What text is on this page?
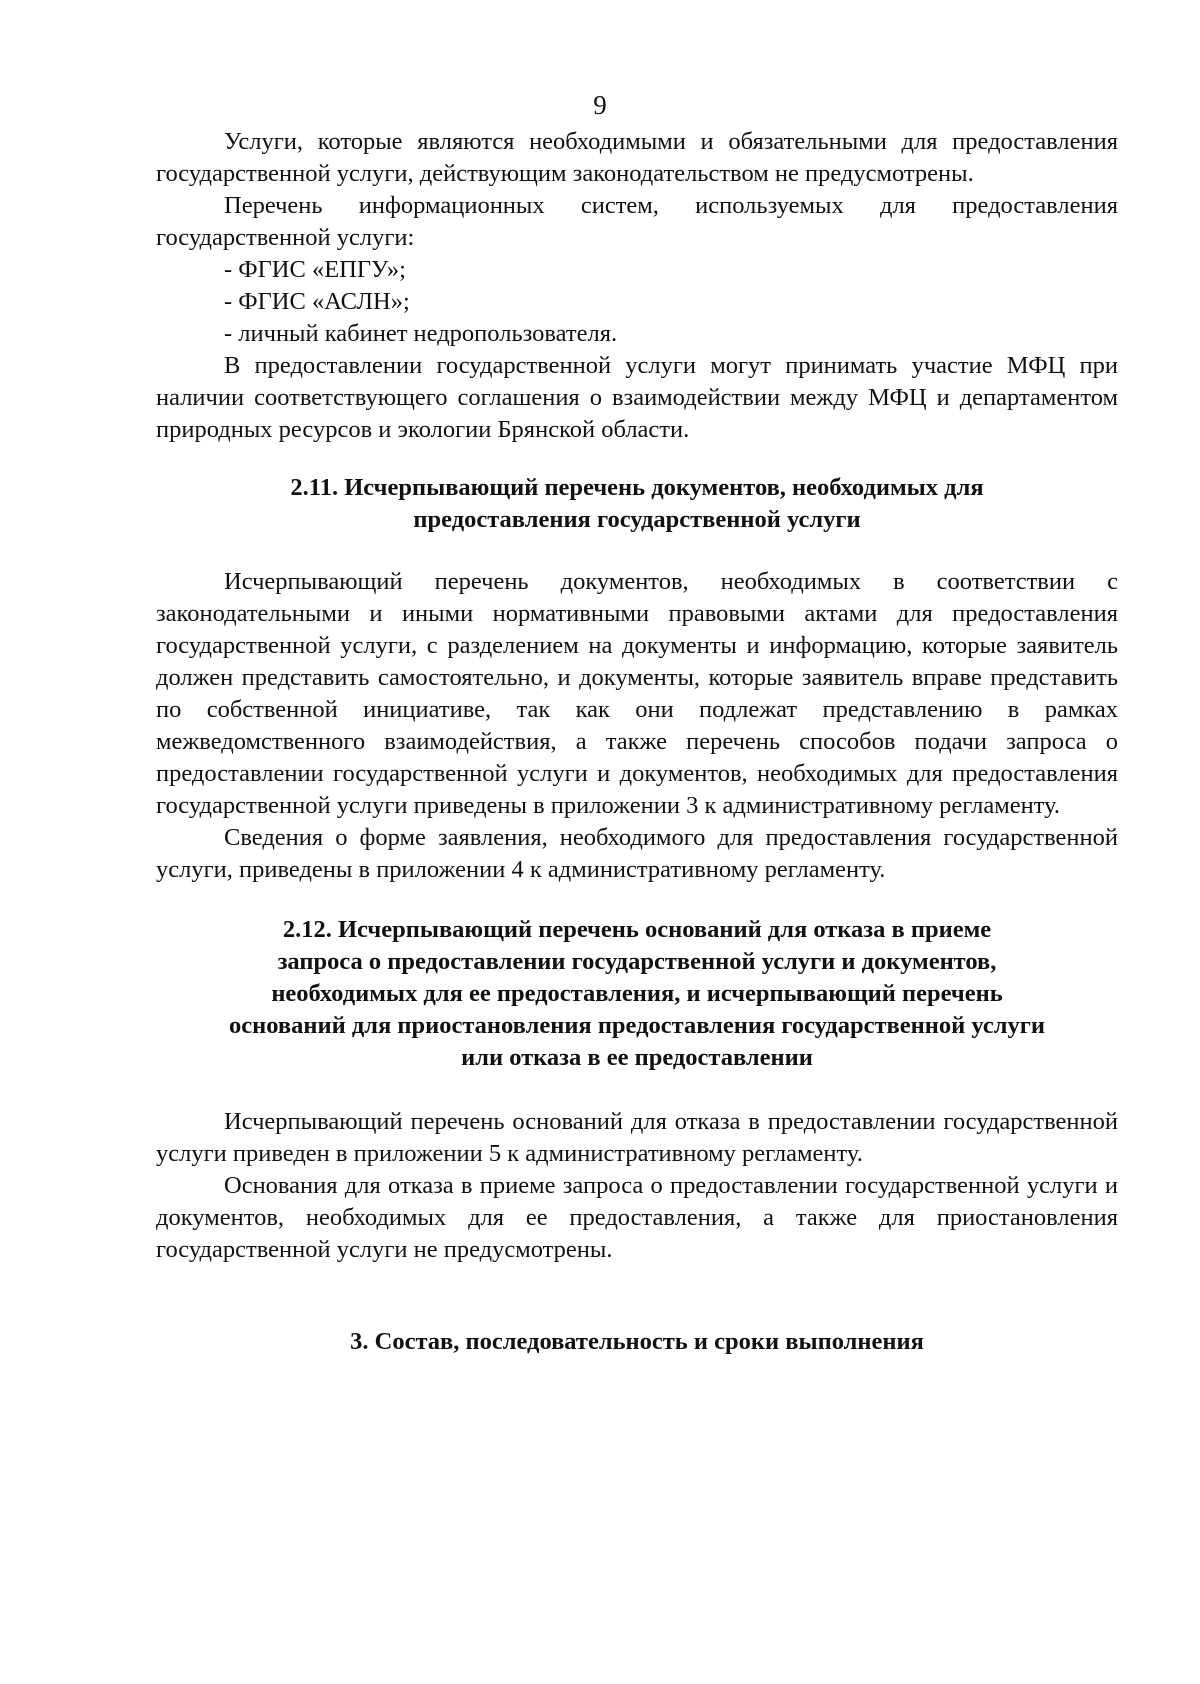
9

Услуги, которые являются необходимыми и обязательными для предоставления государственной услуги, действующим законодательством не предусмотрены.

Перечень информационных систем, используемых для предоставления государственной услуги:

- ФГИС «ЕПГУ»;

- ФГИС «АСЛН»;

- личный кабинет недропользователя.

В предоставлении государственной услуги могут принимать участие МФЦ при наличии соответствующего соглашения о взаимодействии между МФЦ и департаментом природных ресурсов и экологии Брянской области.

2.11. Исчерпывающий перечень документов, необходимых для
предоставления государственной услуги

Исчерпывающий перечень документов, необходимых в соответствии с законодательными и иными нормативными правовыми актами для предоставления государственной услуги, с разделением на документы и информацию, которые заявитель должен представить самостоятельно, и документы, которые заявитель вправе представить по собственной инициативе, так как они подлежат представлению в рамках межведомственного взаимодействия, а также перечень способов подачи запроса о предоставлении государственной услуги и документов, необходимых для предоставления государственной услуги приведены в приложении 3 к административному регламенту.

Сведения о форме заявления, необходимого для предоставления государственной услуги, приведены в приложении 4 к административному регламенту.

2.12. Исчерпывающий перечень оснований для отказа в приеме
запроса о предоставлении государственной услуги и документов,
необходимых для ее предоставления, и исчерпывающий перечень
оснований для приостановления предоставления государственной услуги
или отказа в ее предоставлении

Исчерпывающий перечень оснований для отказа в предоставлении государственной услуги приведен в приложении 5 к административному регламенту.

Основания для отказа в приеме запроса о предоставлении государственной услуги и документов, необходимых для ее предоставления, а также для приостановления государственной услуги не предусмотрены.

3. Состав, последовательность и сроки выполнения
